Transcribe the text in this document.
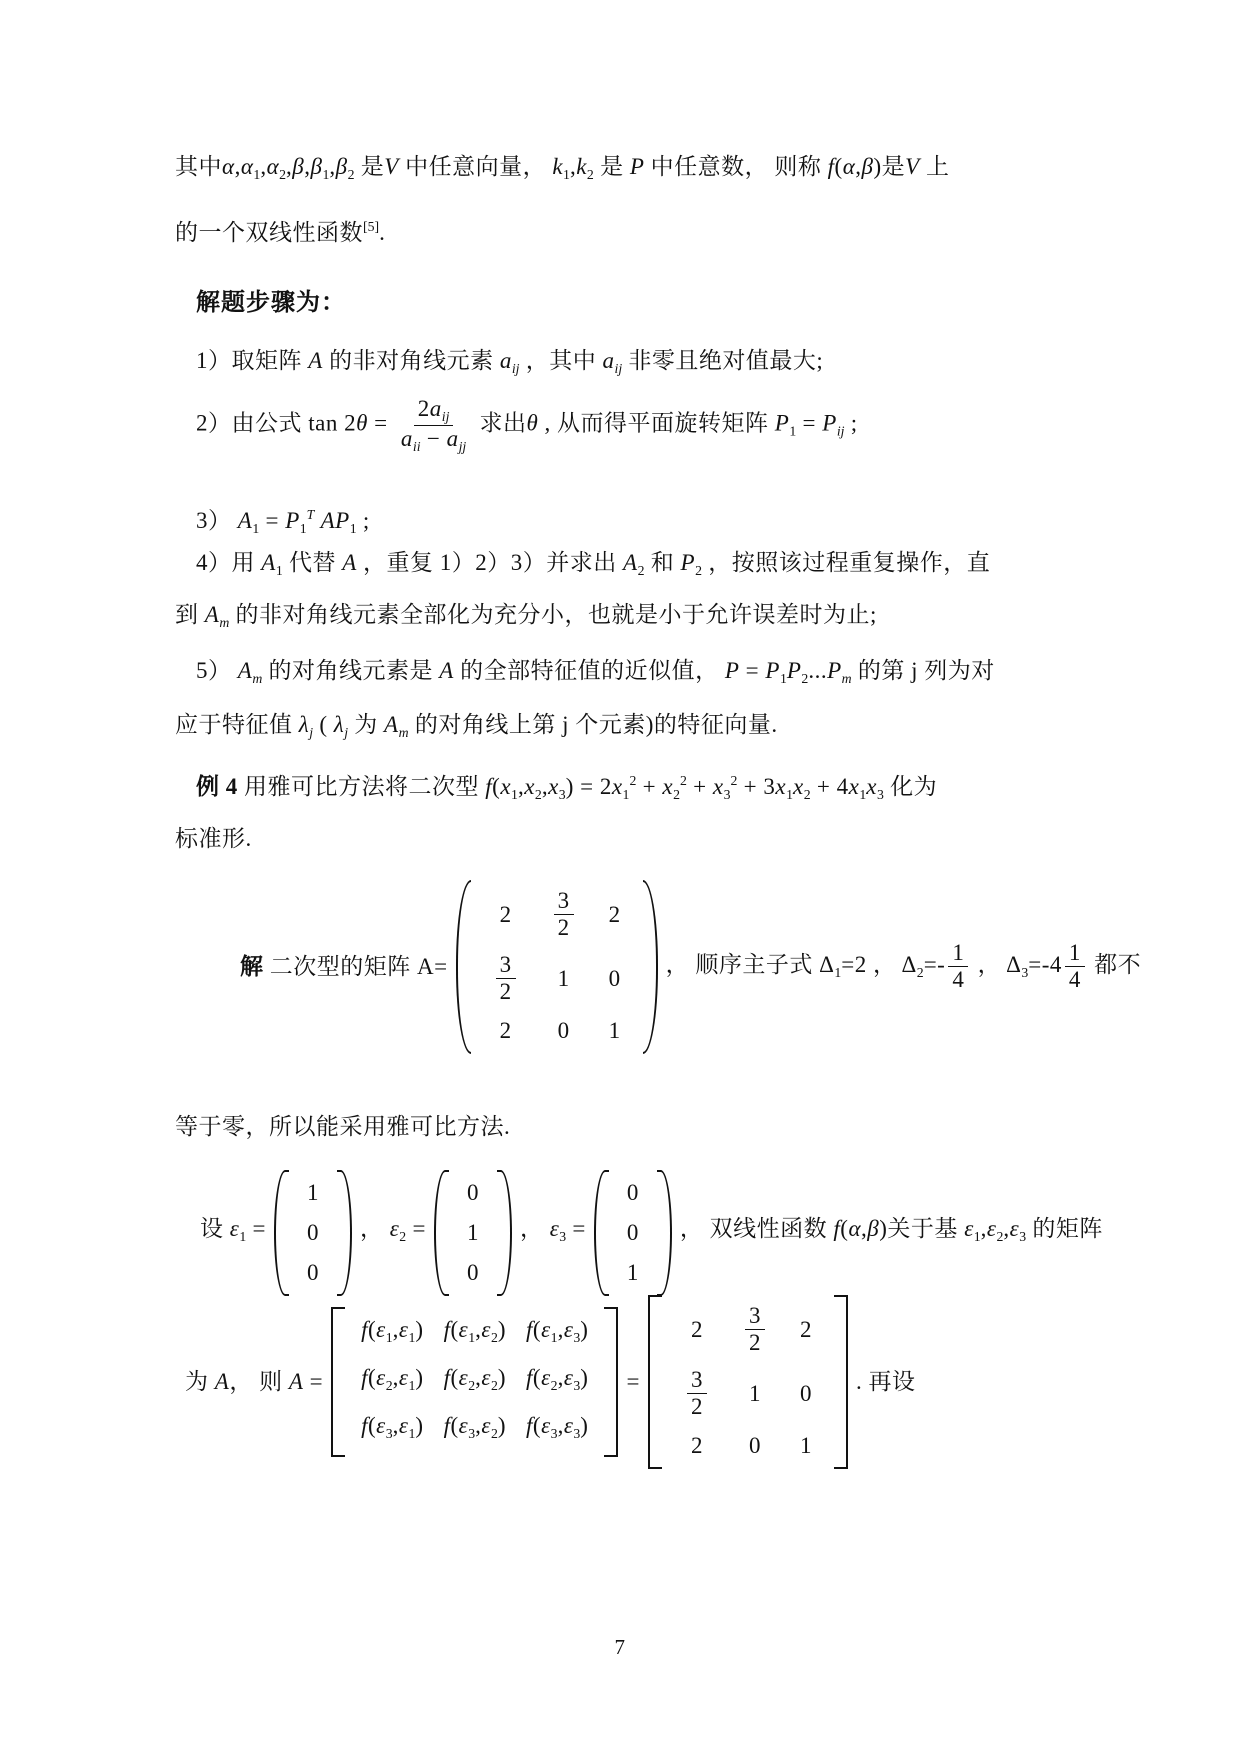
其中$\alpha,\alpha_1,\alpha_2,\beta,\beta_1,\beta_2$ 是V 中任意向量， $k_1,k_2$ 是 P 中任意数， 则称 f(α,β)是V 上
的一个双线性函数[5].
解题步骤为：
1）取矩阵 A 的非对角线元素 $a_{ij}$ ，其中 $a_{ij}$ 非零且绝对值最大;
2）由公式 $\tan 2\theta = \frac{2a_{ij}}{a_{ii} - a_{jj}}$ 求出θ , 从而得平面旋转矩阵 $P_1 = P_{ij}$ ;
3） $A_1 = P_1^T$ $AP_1$ ;
4）用 $A_1$ 代替 A ，重复 1）2）3）并求出 $A_2$ 和 $P_2$ ，按照该过程重复操作，直
到 $A_m$ 的非对角线元素全部化为充分小，也就是小于允许误差时为止;
5） $A_m$ 的对角线元素是 A 的全部特征值的近似值， $P = P_1P_2...P_m$ 的第 j 列为对
应于特征值 $\lambda_j$ ( $\lambda_j$ 为 $A_m$ 的对角线上第 j 个元素)的特征向量.
例 4 用雅可比方法将二次型 $f(x_1,x_2,x_3) = 2x_1^2 + x_2^2 + x_3^2 + 3x_1x_2 + 4x_1x_3$ 化为
标准形.
解 二次型的矩阵 A=
2	$\frac{3}{2}$	2
$\frac{3}{2}$	1	0
2	0	1
， 顺序主子式 $\Delta_1=2$ ， $\Delta_2=- \frac{1}{4}$ ， $\Delta_3=-4 \frac{1}{4}$ 都不
等于零，所以能采用雅可比方法.
设 $\varepsilon_1$ =
1
0
0
， $\varepsilon_2$ =
0
1
0
， $\varepsilon_3$ =
0
0
1
， 双线性函数 f(α,β)关于基 $\varepsilon_1,\varepsilon_2,\varepsilon_3$ 的矩阵
为 A， 则 A =
$f(\varepsilon_1,\varepsilon_1)$ $f(\varepsilon_1,\varepsilon_2)$ $f(\varepsilon_1,\varepsilon_3)$
$f(\varepsilon_2,\varepsilon_1)$ $f(\varepsilon_2,\varepsilon_2)$ $f(\varepsilon_2,\varepsilon_3)$
$f(\varepsilon_3,\varepsilon_1)$ $f(\varepsilon_3,\varepsilon_2)$ $f(\varepsilon_3,\varepsilon_3)$
=
2	$\frac{3}{2}$	2
$\frac{3}{2}$	1	0
2	0	1
. 再设
7
